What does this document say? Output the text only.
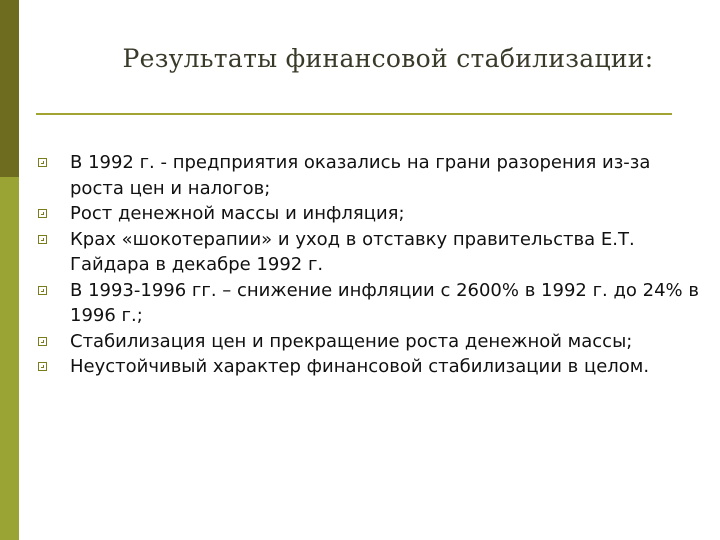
Результаты финансовой стабилизации:
В 1992 г. - предприятия оказались на грани разорения из-за роста цен и налогов;
Рост денежной массы и инфляция;
Крах «шокотерапии» и уход в отставку правительства Е.Т. Гайдара в декабре 1992 г.
В 1993-1996 гг. – снижение инфляции с 2600% в 1992 г. до 24% в 1996 г.;
Стабилизация цен и прекращение роста денежной массы;
Неустойчивый характер финансовой стабилизации в целом.
